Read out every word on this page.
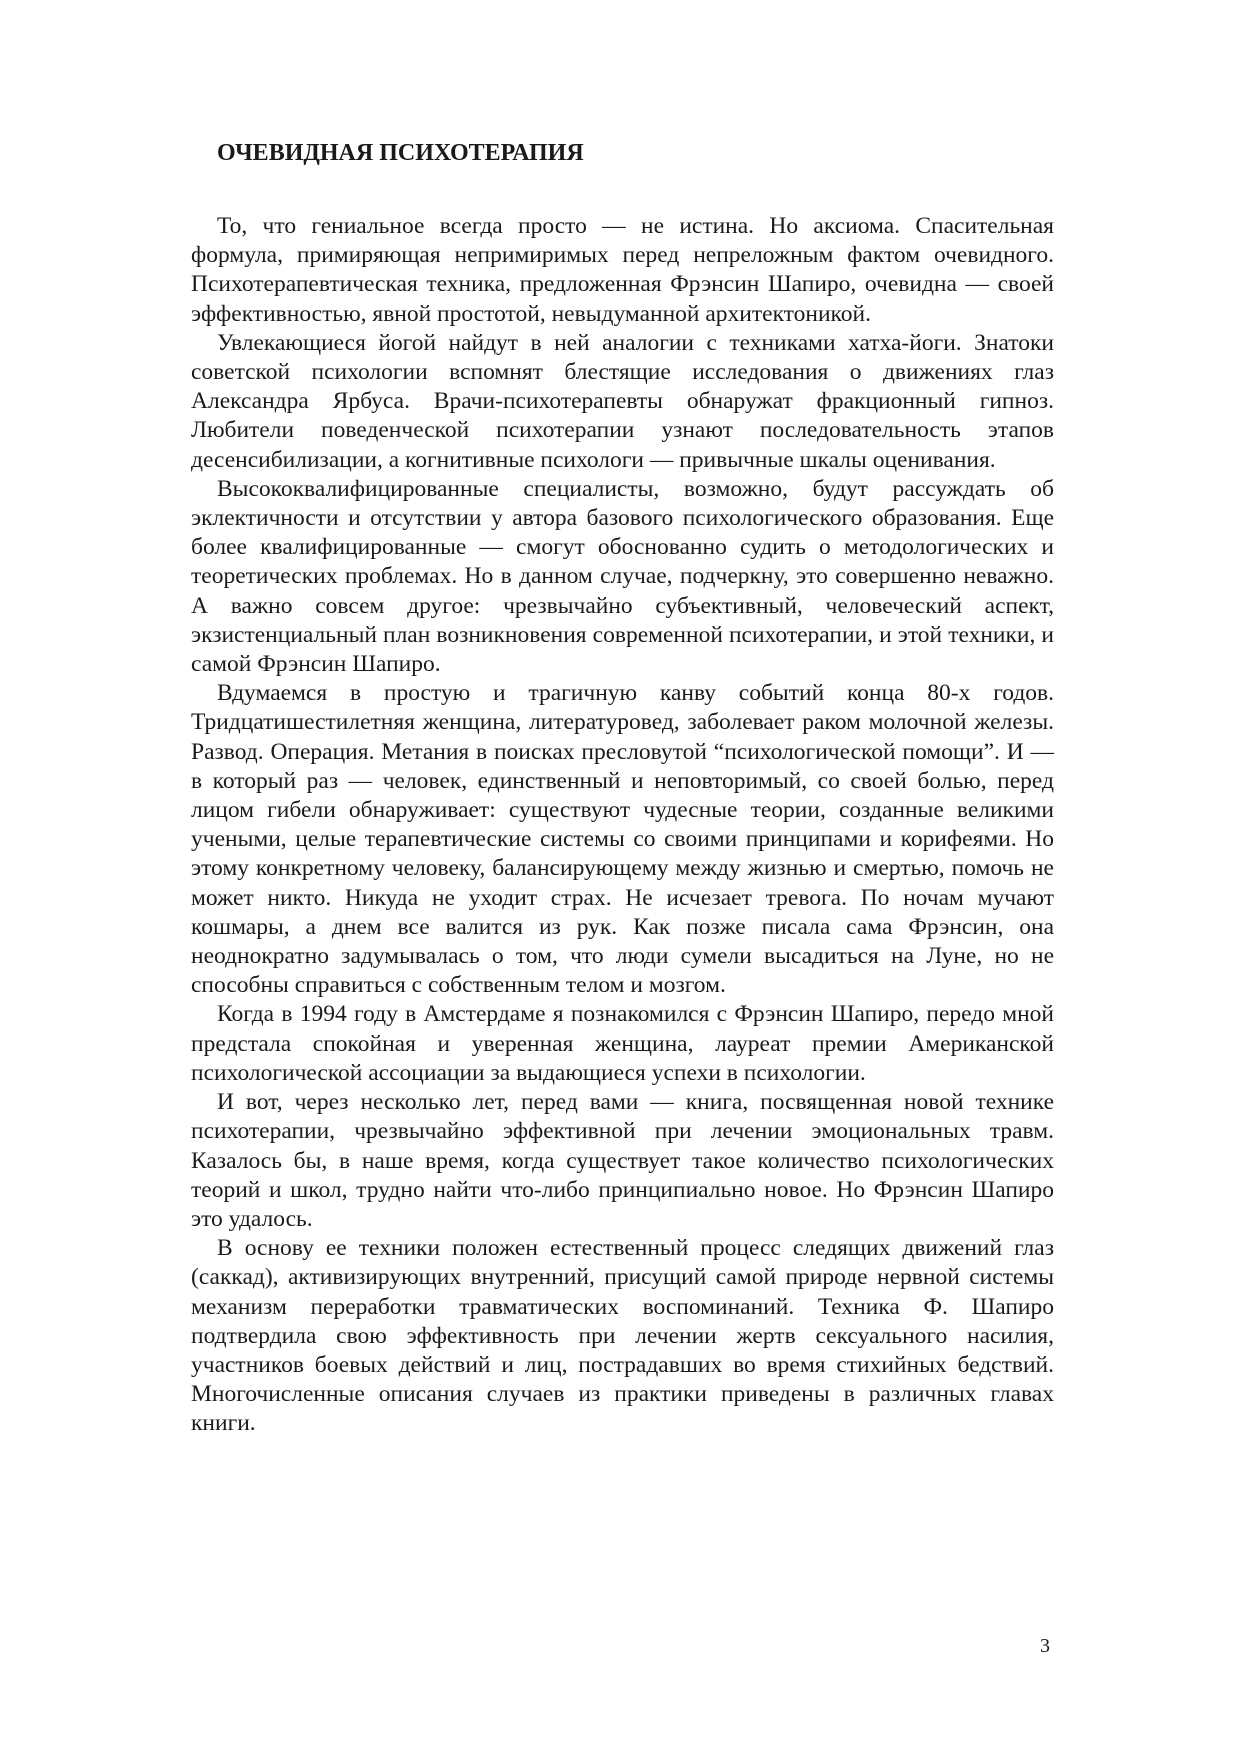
ОЧЕВИДНАЯ ПСИХОТЕРАПИЯ

То, что гениальное всегда просто — не истина. Но аксиома. Спасительная формула, примиряющая непримиримых перед непреложным фактом очевидного. Психотерапевтическая техника, предложенная Фрэнсин Шапиро, очевидна — своей эффективностью, явной простотой, невыдуманной архитектоникой.

Увлекающиеся йогой найдут в ней аналогии с техниками хатха-йоги. Знатоки советской психологии вспомнят блестящие исследования о движениях глаз Александра Ярбуса. Врачи-психотерапевты обнаружат фракционный гипноз. Любители поведенческой психотерапии узнают последовательность этапов десенсибилизации, а когнитивные психологи — привычные шкалы оценивания.

Высококвалифицированные специалисты, возможно, будут рассуждать об эклектичности и отсутствии у автора базового психологического образования. Еще более квалифицированные — смогут обоснованно судить о методологических и теоретических проблемах. Но в данном случае, подчеркну, это совершенно неважно. А важно совсем другое: чрезвычайно субъективный, человеческий аспект, экзистенциальный план возникновения современной психотерапии, и этой техники, и самой Фрэнсин Шапиро.

Вдумаемся в простую и трагичную канву событий конца 80-х годов. Тридцатишестилетняя женщина, литературовед, заболевает раком молочной железы. Развод. Операция. Метания в поисках пресловутой “психологической помощи”. И — в который раз — человек, единственный и неповторимый, со своей болью, перед лицом гибели обнаруживает: существуют чудесные теории, созданные великими учеными, целые терапевтические системы со своими принципами и корифеями. Но этому конкретному человеку, балансирующему между жизнью и смертью, помочь не может никто. Никуда не уходит страх. Не исчезает тревога. По ночам мучают кошмары, а днем все валится из рук. Как позже писала сама Фрэнсин, она неоднократно задумывалась о том, что люди сумели высадиться на Луне, но не способны справиться с собственным телом и мозгом.

Когда в 1994 году в Амстердаме я познакомился с Фрэнсин Шапиро, передо мной предстала спокойная и уверенная женщина, лауреат премии Американской психологической ассоциации за выдающиеся успехи в психологии.

И вот, через несколько лет, перед вами — книга, посвященная новой технике психотерапии, чрезвычайно эффективной при лечении эмоциональных травм. Казалось бы, в наше время, когда существует такое количество психологических теорий и школ, трудно найти что-либо принципиально новое. Но Фрэнсин Шапиро это удалось.

В основу ее техники положен естественный процесс следящих движений глаз (саккад), активизирующих внутренний, присущий самой природе нервной системы механизм переработки травматических воспоминаний. Техника Ф. Шапиро подтвердила свою эффективность при лечении жертв сексуального насилия, участников боевых действий и лиц, пострадавших во время стихийных бедствий. Многочисленные описания случаев из практики приведены в различных главах книги.

3
